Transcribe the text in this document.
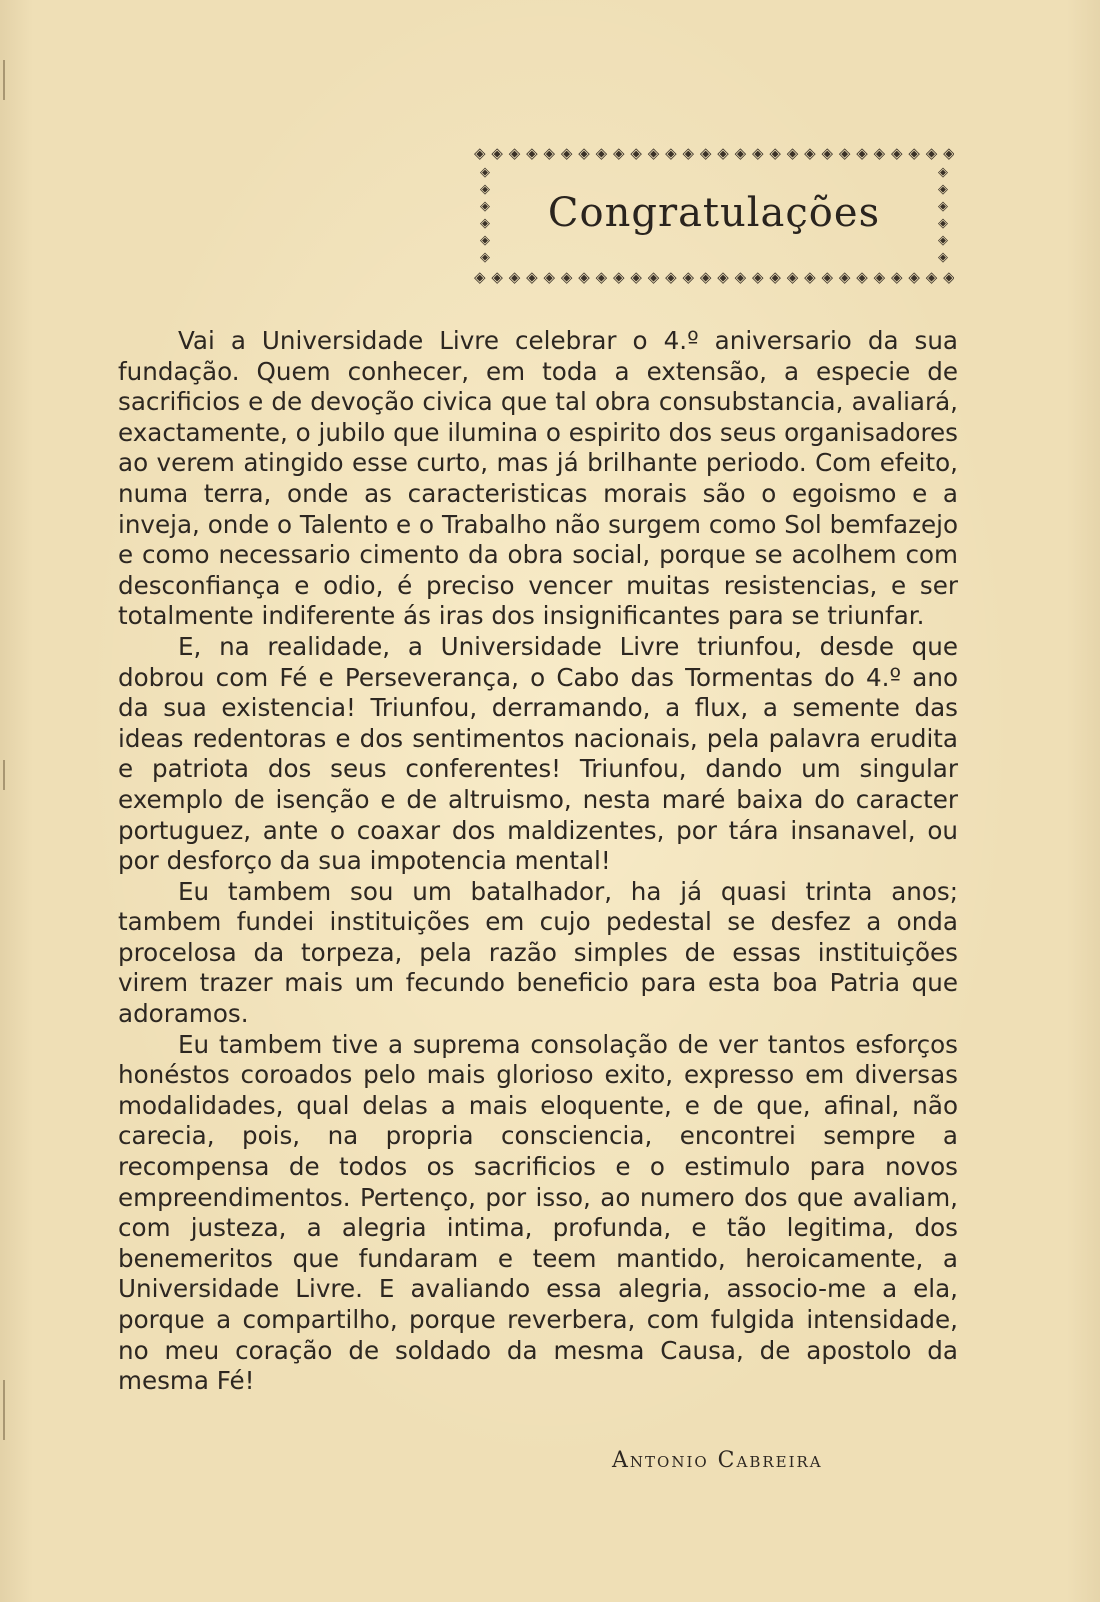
◈ ◈ ◈ ◈ ◈ ◈ ◈ ◈ ◈ ◈ ◈ ◈ ◈ ◈ ◈ ◈ ◈ ◈ ◈ ◈ ◈ ◈ ◈ ◈ ◈ ◈ ◈ ◈
◈
◈
◈
◈
◈
◈
◈
◈
◈
◈
◈
◈
Congratulações
◈ ◈ ◈ ◈ ◈ ◈ ◈ ◈ ◈ ◈ ◈ ◈ ◈ ◈ ◈ ◈ ◈ ◈ ◈ ◈ ◈ ◈ ◈ ◈ ◈ ◈ ◈ ◈

Vai a Universidade Livre celebrar o 4.º aniversario da sua fundação. Quem conhecer, em toda a extensão, a especie de sacrificios e de devoção civica que tal obra consubstancia, avaliará, exactamente, o jubilo que ilumina o espirito dos seus organisadores ao verem atingido esse curto, mas já brilhante periodo. Com efeito, numa terra, onde as caracteristicas morais são o egoismo e a inveja, onde o Talento e o Trabalho não surgem como Sol bemfazejo e como necessario cimento da obra social, porque se acolhem com desconfiança e odio, é preciso vencer muitas resistencias, e ser totalmente indiferente ás iras dos insignificantes para se triunfar.

E, na realidade, a Universidade Livre triunfou, desde que dobrou com Fé e Perseverança, o Cabo das Tormentas do 4.º ano da sua existencia! Triunfou, derramando, a flux, a semente das ideas redentoras e dos sentimentos nacionais, pela palavra erudita e patriota dos seus conferentes! Triunfou, dando um singular exemplo de isenção e de altruismo, nesta maré baixa do caracter portuguez, ante o coaxar dos maldizentes, por tára insanavel, ou por desforço da sua impotencia mental!

Eu tambem sou um batalhador, ha já quasi trinta anos; tambem fundei instituições em cujo pedestal se desfez a onda procelosa da torpeza, pela razão simples de essas instituições virem trazer mais um fecundo beneficio para esta boa Patria que adoramos.

Eu tambem tive a suprema consolação de ver tantos esforços honéstos coroados pelo mais glorioso exito, expresso em diversas modalidades, qual delas a mais eloquente, e de que, afinal, não carecia, pois, na propria consciencia, encontrei sempre a recompensa de todos os sacrificios e o estimulo para novos empreendimentos. Pertenço, por isso, ao numero dos que avaliam, com justeza, a alegria intima, profunda, e tão legitima, dos benemeritos que fundaram e teem mantido, heroicamente, a Universidade Livre. E avaliando essa alegria, associo-me a ela, porque a compartilho, porque reverbera, com fulgida intensidade, no meu coração de soldado da mesma Causa, de apostolo da mesma Fé!

Antonio Cabreira
